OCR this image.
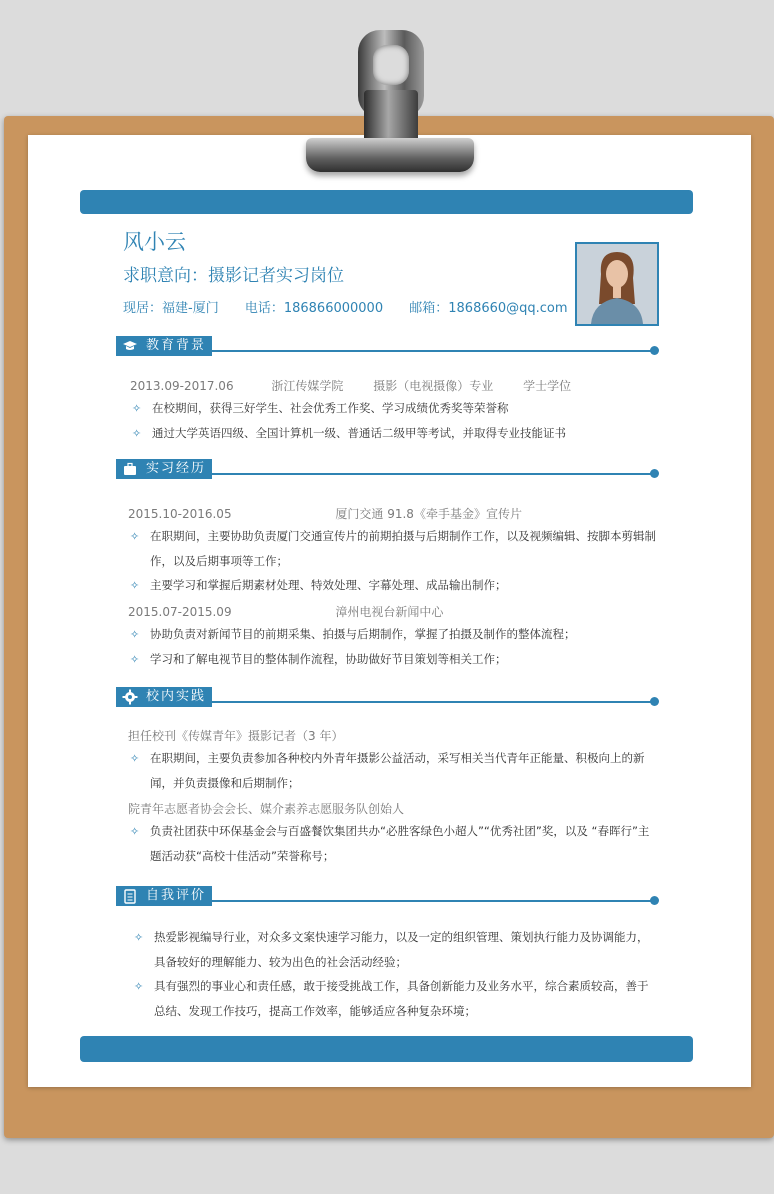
风小云
求职意向：摄影记者实习岗位
现居：福建-厦门 电话：186866000000 邮箱：1868660@qq.com
教育背景
2013.09-2017.06	浙江传媒学院 摄影（电视摄像）专业 学士学位
✧ 在校期间，获得三好学生、社会优秀工作奖、学习成绩优秀奖等荣誉称
✧ 通过大学英语四级、全国计算机一级、普通话二级甲等考试，并取得专业技能证书
实习经历
2015.10-2016.05	厦门交通 91.8《牵手基金》宣传片
✧ 在职期间，主要协助负责厦门交通宣传片的前期拍摄与后期制作工作，以及视频编辑、按脚本剪辑制作，以及后期事项等工作；
✧ 主要学习和掌握后期素材处理、特效处理、字幕处理、成品输出制作；
2015.07-2015.09	漳州电视台新闻中心
✧ 协助负责对新闻节目的前期采集、拍摄与后期制作，掌握了拍摄及制作的整体流程；
✧ 学习和了解电视节目的整体制作流程，协助做好节目策划等相关工作；
校内实践
担任校刊《传媒青年》摄影记者（3 年）
✧ 在职期间，主要负责参加各种校内外青年摄影公益活动，采写相关当代青年正能量、积极向上的新闻，并负责摄像和后期制作；
院青年志愿者协会会长、媒介素养志愿服务队创始人
✧ 负责社团获中环保基金会与百盛餐饮集团共办“必胜客绿色小超人”“优秀社团”奖，以及 “春晖行”主题活动获“高校十佳活动”荣誉称号；
自我评价
✧ 热爱影视编导行业，对众多文案快速学习能力，以及一定的组织管理、策划执行能力及协调能力，具备较好的理解能力、较为出色的社会活动经验；
✧ 具有强烈的事业心和责任感，敢于接受挑战工作，具备创新能力及业务水平，综合素质较高，善于总结、发现工作技巧，提高工作效率，能够适应各种复杂环境；
